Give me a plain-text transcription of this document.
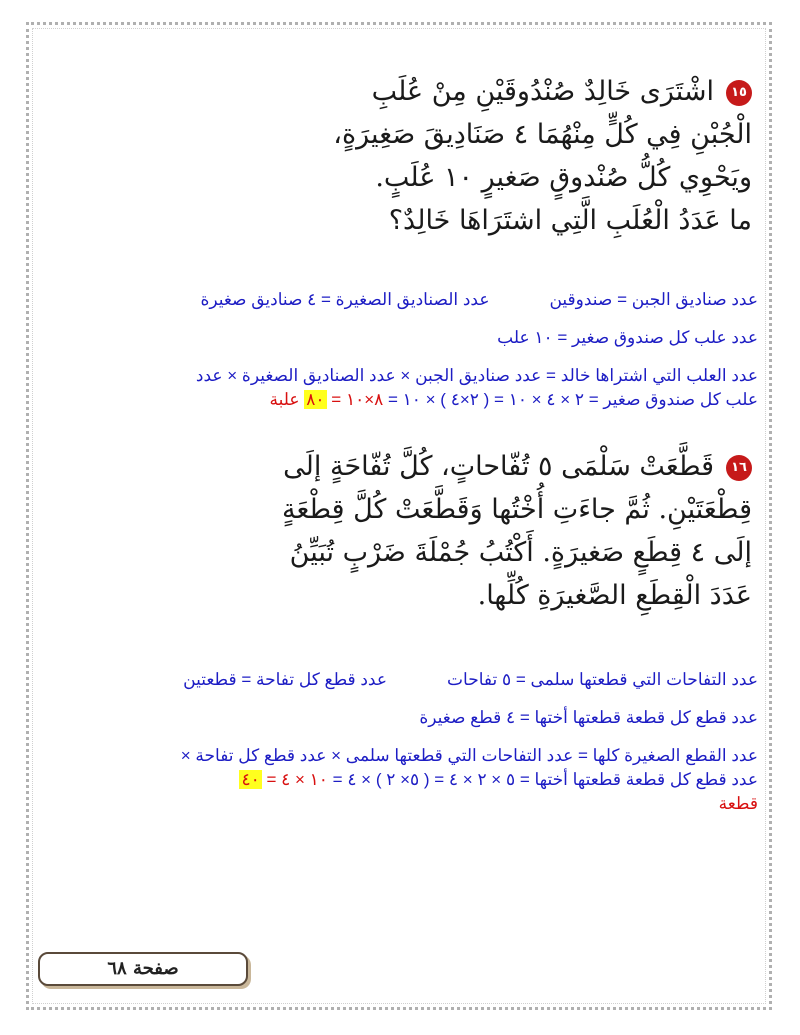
١٥اشْتَرَى خَالِدٌ صُنْدُوقَيْنِ مِنْ عُلَبِ
الْجُبْنِ فِي كُلٍّ مِنْهُمَا ٤ صَنَادِيقَ صَغِيرَةٍ،
ويَحْوِي كُلُّ صُنْدوقٍ صَغيرٍ ١٠ عُلَبٍ.
ما عَدَدُ الْعُلَبِ الَّتِي اشتَرَاهَا خَالِدٌ؟
عدد صناديق الجبن = صندوقينعدد الصناديق الصغيرة = ٤ صناديق صغيرة
عدد علب كل صندوق صغير = ١٠ علب
عدد العلب التي اشتراها خالد = عدد صناديق الجبن × عدد الصناديق الصغيرة × عدد
علب كل صندوق صغير = ٢ × ٤ × ١٠ = ( ٢×٤ ) × ١٠ = ٨×١٠ = ٨٠ علبة
١٦قَطَّعَتْ سَلْمَى ٥ تُفّاحاتٍ، كُلَّ تُفّاحَةٍ إلَى
قِطْعَتَيْنِ. ثُمَّ جاءَتِ أُخْتُها وَقَطَّعَتْ كُلَّ قِطْعَةٍ
إلَى ٤ قِطَعٍ صَغيرَةٍ. أَكْتُبُ جُمْلَةَ ضَرْبٍ تُبَيِّنُ
عَدَدَ الْقِطَعِ الصَّغيرَةِ كُلِّها.
عدد التفاحات التي قطعتها سلمى = ٥ تفاحاتعدد قطع كل تفاحة = قطعتين
عدد قطع كل قطعة قطعتها أختها = ٤ قطع صغيرة
عدد القطع الصغيرة كلها = عدد التفاحات التي قطعتها سلمى × عدد قطع كل تفاحة ×
عدد قطع كل قطعة قطعتها أختها = ٥ × ٢ × ٤ = ( ٥× ٢ ) × ٤ = ١٠ × ٤ = ٤٠
قطعة
صفحة ٦٨
